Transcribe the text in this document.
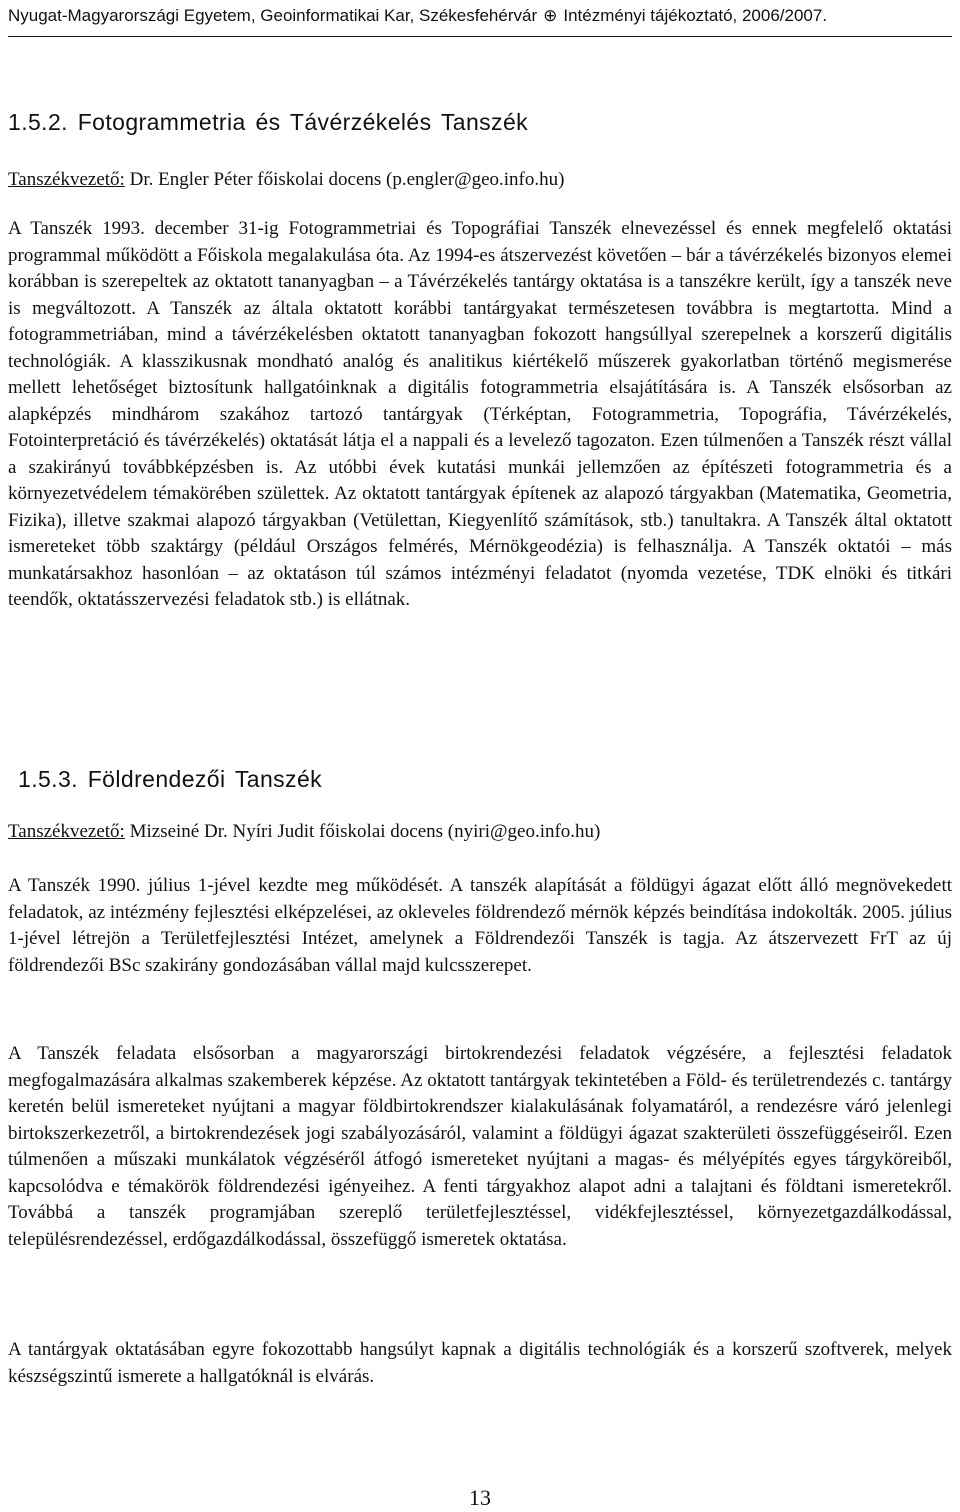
Nyugat-Magyarországi Egyetem, Geoinformatikai Kar, Székesfehérvár ⊕ Intézményi tájékoztató, 2006/2007.
1.5.2. Fotogrammetria és Távérzékelés Tanszék
Tanszékvezető: Dr. Engler Péter főiskolai docens (p.engler@geo.info.hu)
A Tanszék 1993. december 31-ig Fotogrammetriai és Topográfiai Tanszék elnevezéssel és ennek megfelelő oktatási programmal működött a Főiskola megalakulása óta. Az 1994-es átszervezést követően – bár a távérzékelés bizonyos elemei korábban is szerepeltek az oktatott tananyagban – a Távérzékelés tantárgy oktatása is a tanszékre került, így a tanszék neve is megváltozott. A Tanszék az általa oktatott korábbi tantárgyakat természetesen továbbra is megtartotta. Mind a fotogrammetriában, mind a távérzékelésben oktatott tananyagban fokozott hangsúllyal szerepelnek a korszerű digitális technológiák. A klasszikusnak mondható analóg és analitikus kiértékelő műszerek gyakorlatban történő megismerése mellett lehetőséget biztosítunk hallgatóinknak a digitális fotogrammetria elsajátítására is. A Tanszék elsősorban az alapképzés mindhárom szakához tartozó tantárgyak (Térképtan, Fotogrammetria, Topográfia, Távérzékelés, Fotointerpretáció és távérzékelés) oktatását látja el a nappali és a levelező tagozaton. Ezen túlmenően a Tanszék részt vállal a szakirányú továbbképzésben is. Az utóbbi évek kutatási munkái jellemzően az építészeti fotogrammetria és a környezetvédelem témakörében születtek. Az oktatott tantárgyak építenek az alapozó tárgyakban (Matematika, Geometria, Fizika), illetve szakmai alapozó tárgyakban (Vetülettan, Kiegyenlítő számítások, stb.) tanultakra. A Tanszék által oktatott ismereteket több szaktárgy (például Országos felmérés, Mérnökgeodézia) is felhasználja. A Tanszék oktatói – más munkatársakhoz hasonlóan – az oktatáson túl számos intézményi feladatot (nyomda vezetése, TDK elnöki és titkári teendők, oktatásszervezési feladatok stb.) is ellátnak.
1.5.3. Földrendezői Tanszék
Tanszékvezető: Mizseiné Dr. Nyíri Judit főiskolai docens (nyiri@geo.info.hu)
A Tanszék 1990. július 1-jével kezdte meg működését. A tanszék alapítását a földügyi ágazat előtt álló megnövekedett feladatok, az intézmény fejlesztési elképzelései, az okleveles földrendező mérnök képzés beindítása indokolták. 2005. július 1-jével létrejön a Területfejlesztési Intézet, amelynek a Földrendezői Tanszék is tagja. Az átszervezett FrT az új földrendezői BSc szakirány gondozásában vállal majd kulcsszerepet.
A Tanszék feladata elsősorban a magyarországi birtokrendezési feladatok végzésére, a fejlesztési feladatok megfogalmazására alkalmas szakemberek képzése. Az oktatott tantárgyak tekintetében a Föld- és területrendezés c. tantárgy keretén belül ismereteket nyújtani a magyar földbirtokrendszer kialakulásának folyamatáról, a rendezésre váró jelenlegi birtokszerkezetről, a birtokrendezések jogi szabályozásáról, valamint a földügyi ágazat szakterületi összefüggéseiről. Ezen túlmenően a műszaki munkálatok végzéséről átfogó ismereteket nyújtani a magas- és mélyépítés egyes tárgyköreiből, kapcsolódva e témakörök földrendezési igényeihez. A fenti tárgyakhoz alapot adni a talajtani és földtani ismeretekről. Továbbá a tanszék programjában szereplő területfejlesztéssel, vidékfejlesztéssel, környezetgazdálkodással, településrendezéssel, erdőgazdálkodással, összefüggő ismeretek oktatása.
A tantárgyak oktatásában egyre fokozottabb hangsúlyt kapnak a digitális technológiák és a korszerű szoftverek, melyek készségszintű ismerete a hallgatóknál is elvárás.
13
